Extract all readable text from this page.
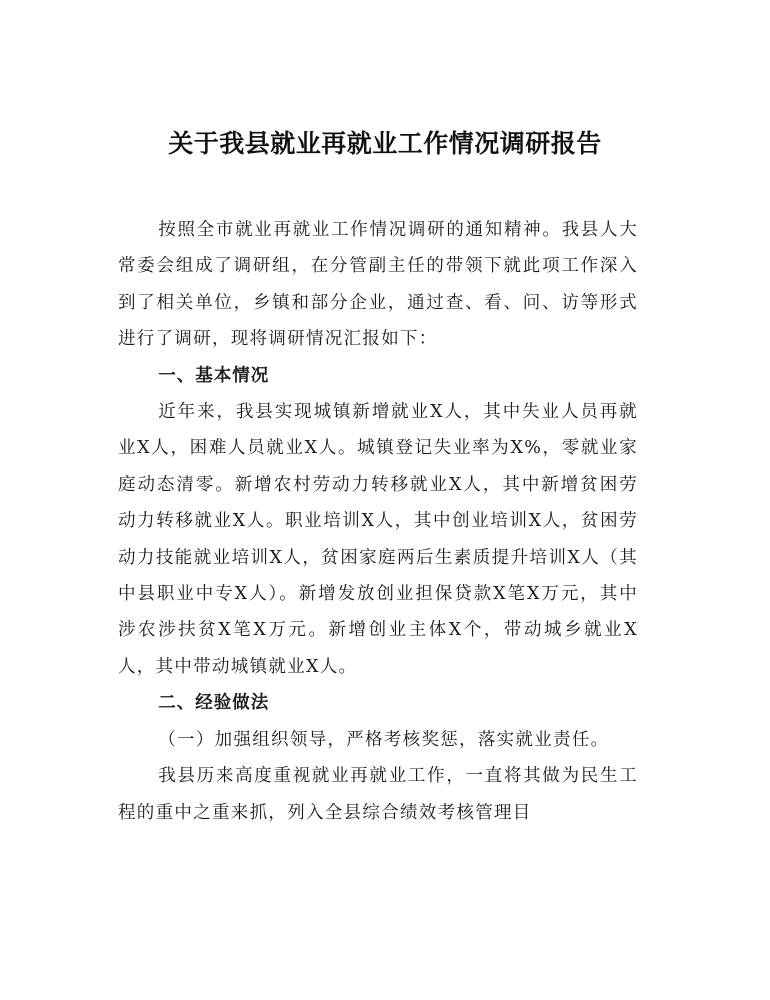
关于我县就业再就业工作情况调研报告

按照全市就业再就业工作情况调研的通知精神。我县人大常委会组成了调研组，在分管副主任的带领下就此项工作深入到了相关单位，乡镇和部分企业，通过查、看、问、访等形式进行了调研，现将调研情况汇报如下：

一、基本情况

近年来，我县实现城镇新增就业X人，其中失业人员再就业X人，困难人员就业X人。城镇登记失业率为X%，零就业家庭动态清零。新增农村劳动力转移就业X人，其中新增贫困劳动力转移就业X人。职业培训X人，其中创业培训X人，贫困劳动力技能就业培训X人，贫困家庭两后生素质提升培训X人（其中县职业中专X人）。新增发放创业担保贷款X笔X万元，其中涉农涉扶贫X笔X万元。新增创业主体X个，带动城乡就业X人，其中带动城镇就业X人。

二、经验做法

（一）加强组织领导，严格考核奖惩，落实就业责任。

我县历来高度重视就业再就业工作，一直将其做为民生工程的重中之重来抓，列入全县综合绩效考核管理目
